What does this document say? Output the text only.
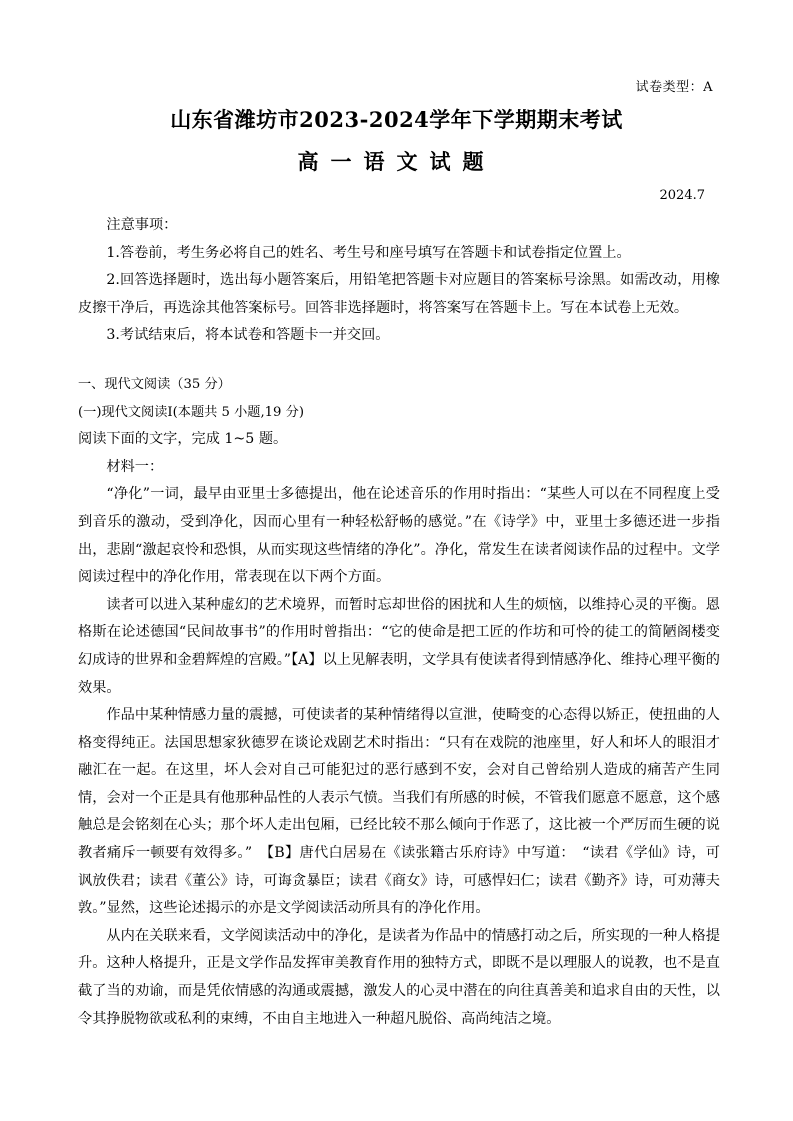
试卷类型：A
山东省潍坊市2023-2024学年下学期期末考试
高一语文试题
2024.7

注意事项：

1.答卷前，考生务必将自己的姓名、考生号和座号填写在答题卡和试卷指定位置上。

2.回答选择题时，选出每小题答案后，用铅笔把答题卡对应题目的答案标号涂黑。如需改动，用橡皮擦干净后，再选涂其他答案标号。回答非选择题时，将答案写在答题卡上。写在本试卷上无效。

3.考试结束后，将本试卷和答题卡一并交回。

一、现代文阅读（35 分）

(一)现代文阅读Ⅰ(本题共 5 小题,19 分)

阅读下面的文字，完成 1~5 题。

材料一：

“净化”一词，最早由亚里士多德提出，他在论述音乐的作用时指出：“某些人可以在不同程度上受到音乐的激动，受到净化，因而心里有一种轻松舒畅的感觉。”在《诗学》中，亚里士多德还进一步指出，悲剧“激起哀怜和恐惧，从而实现这些情绪的净化”。净化，常发生在读者阅读作品的过程中。文学阅读过程中的净化作用，常表现在以下两个方面。

读者可以进入某种虚幻的艺术境界，而暂时忘却世俗的困扰和人生的烦恼，以维持心灵的平衡。恩格斯在论述德国“民间故事书”的作用时曾指出：“它的使命是把工匠的作坊和可怜的徒工的简陋阁楼变幻成诗的世界和金碧辉煌的宫殿。”【A】以上见解表明，文学具有使读者得到情感净化、维持心理平衡的效果。

作品中某种情感力量的震撼，可使读者的某种情绪得以宣泄，使畸变的心态得以矫正，使扭曲的人格变得纯正。法国思想家狄德罗在谈论戏剧艺术时指出：“只有在戏院的池座里，好人和坏人的眼泪才融汇在一起。在这里，坏人会对自己可能犯过的恶行感到不安，会对自己曾给别人造成的痛苦产生同情，会对一个正是具有他那种品性的人表示气愤。当我们有所感的时候，不管我们愿意不愿意，这个感触总是会铭刻在心头；那个坏人走出包厢，已经比较不那么倾向于作恶了，这比被一个严厉而生硬的说教者痛斥一顿要有效得多。”　【B】唐代白居易在《读张籍古乐府诗》中写道：　“读君《学仙》诗，可讽放佚君；读君《董公》诗，可诲贪暴臣；读君《商女》诗，可感悍妇仁；读君《勤齐》诗，可劝薄夫敦。”显然，这些论述揭示的亦是文学阅读活动所具有的净化作用。

从内在关联来看，文学阅读活动中的净化，是读者为作品中的情感打动之后，所实现的一种人格提升。这种人格提升，正是文学作品发挥审美教育作用的独特方式，即既不是以理服人的说教，也不是直截了当的劝谕，而是凭依情感的沟通或震撼，激发人的心灵中潜在的向往真善美和追求自由的天性，以令其挣脱物欲或私利的束缚，不由自主地进入一种超凡脱俗、高尚纯洁之境。
